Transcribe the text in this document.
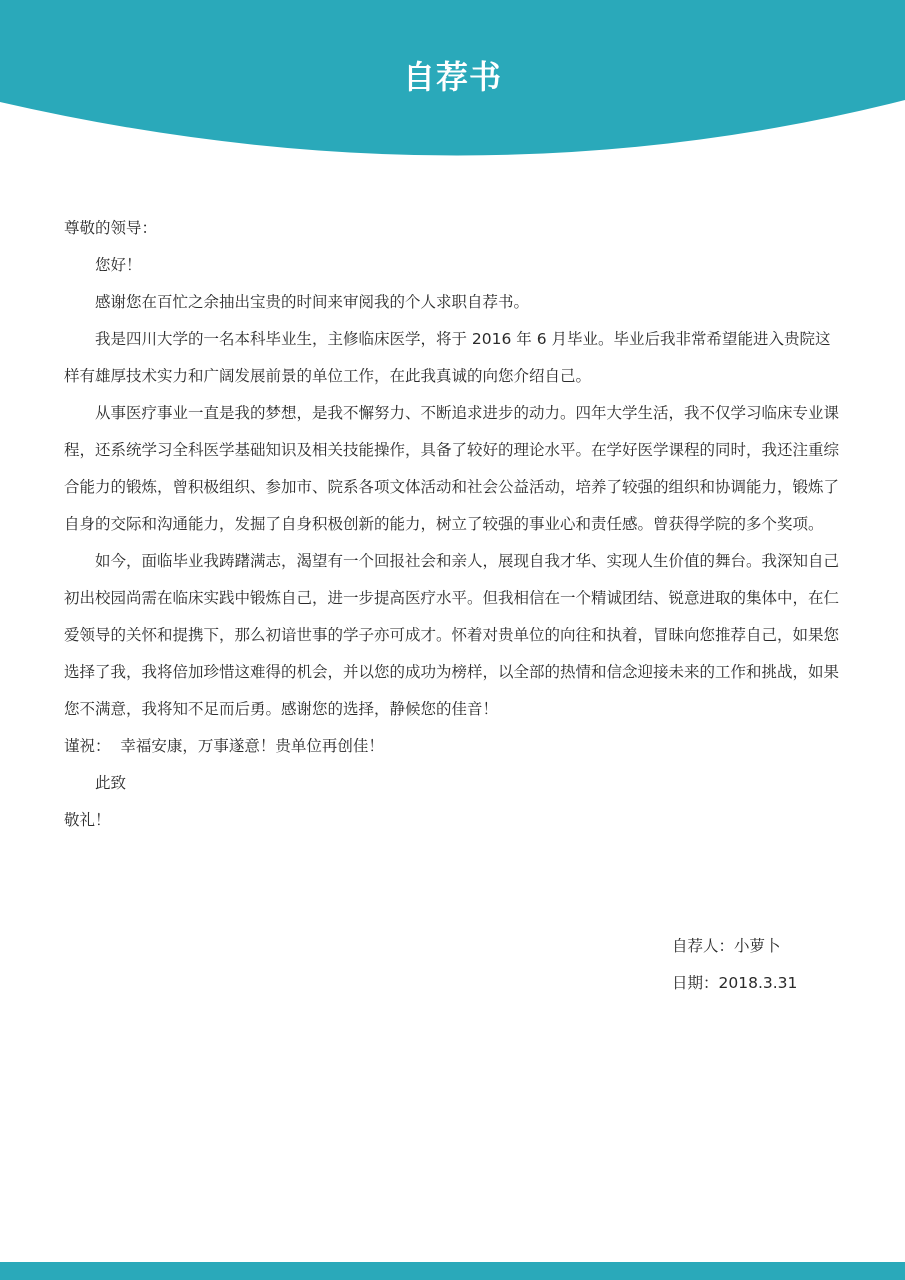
自荐书

尊敬的领导：

您好！

感谢您在百忙之余抽出宝贵的时间来审阅我的个人求职自荐书。

我是四川大学的一名本科毕业生，主修临床医学，将于 2016 年 6 月毕业。毕业后我非常希望能进入贵院这样有雄厚技术实力和广阔发展前景的单位工作，在此我真诚的向您介绍自己。

从事医疗事业一直是我的梦想，是我不懈努力、不断追求进步的动力。四年大学生活，我不仅学习临床专业课程，还系统学习全科医学基础知识及相关技能操作，具备了较好的理论水平。在学好医学课程的同时，我还注重综合能力的锻炼，曾积极组织、参加市、院系各项文体活动和社会公益活动，培养了较强的组织和协调能力，锻炼了自身的交际和沟通能力，发掘了自身积极创新的能力，树立了较强的事业心和责任感。曾获得学院的多个奖项。

如今，面临毕业我踌躇满志，渴望有一个回报社会和亲人，展现自我才华、实现人生价值的舞台。我深知自己初出校园尚需在临床实践中锻炼自己，进一步提高医疗水平。但我相信在一个精诚团结、锐意进取的集体中，在仁爱领导的关怀和提携下，那么初谙世事的学子亦可成才。怀着对贵单位的向往和执着，冒昧向您推荐自己，如果您选择了我，我将倍加珍惜这难得的机会，并以您的成功为榜样，以全部的热情和信念迎接未来的工作和挑战，如果您不满意，我将知不足而后勇。感谢您的选择，静候您的佳音！

谨祝：  幸福安康，万事遂意！贵单位再创佳！

此致

敬礼！

自荐人：小萝卜

日期：2018.3.31
